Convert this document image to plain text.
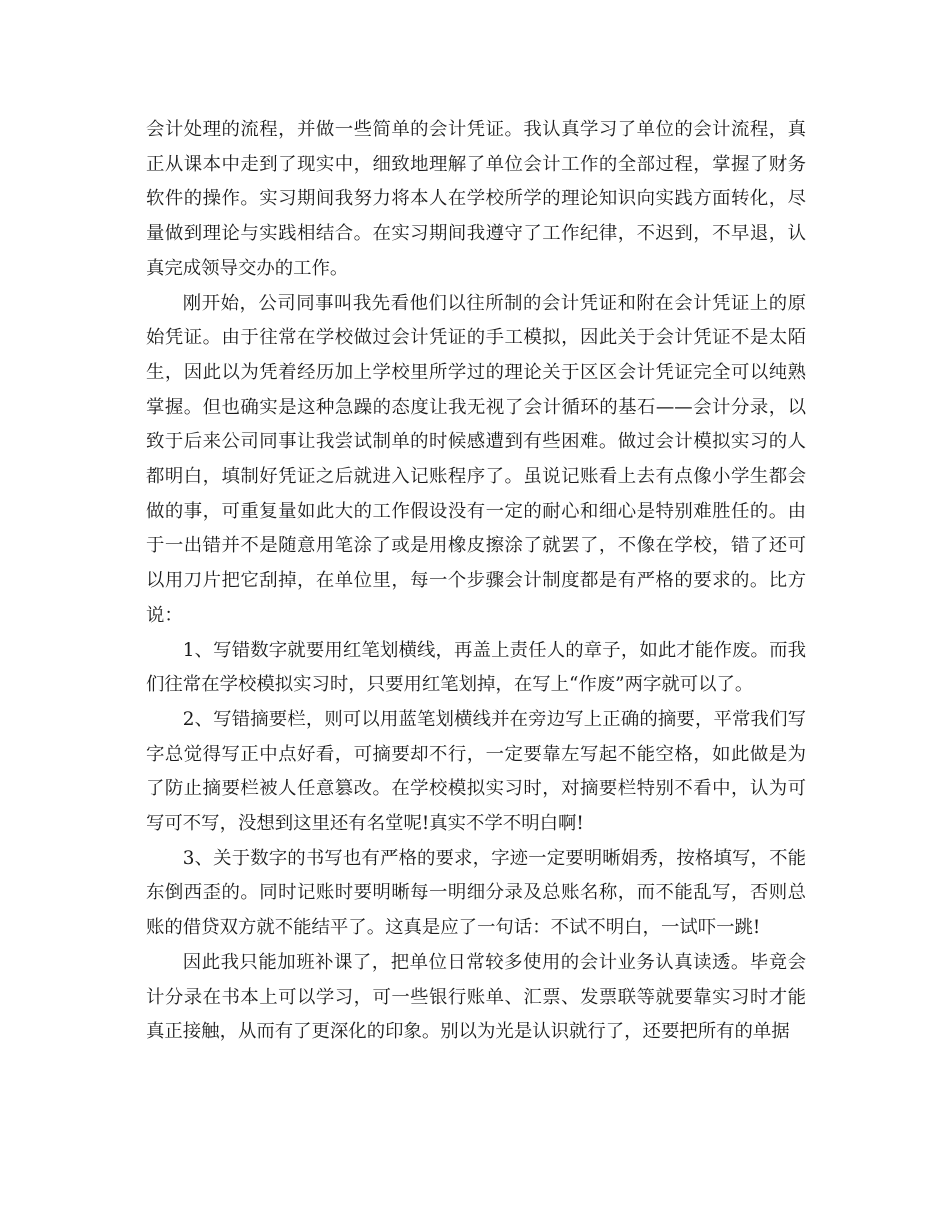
会计处理的流程，并做一些简单的会计凭证。我认真学习了单位的会计流程，真正从课本中走到了现实中，细致地理解了单位会计工作的全部过程，掌握了财务软件的操作。实习期间我努力将本人在学校所学的理论知识向实践方面转化，尽量做到理论与实践相结合。在实习期间我遵守了工作纪律，不迟到，不早退，认真完成领导交办的工作。

刚开始，公司同事叫我先看他们以往所制的会计凭证和附在会计凭证上的原始凭证。由于往常在学校做过会计凭证的手工模拟，因此关于会计凭证不是太陌生，因此以为凭着经历加上学校里所学过的理论关于区区会计凭证完全可以纯熟掌握。但也确实是这种急躁的态度让我无视了会计循环的基石——会计分录，以致于后来公司同事让我尝试制单的时候感遭到有些困难。做过会计模拟实习的人都明白，填制好凭证之后就进入记账程序了。虽说记账看上去有点像小学生都会做的事，可重复量如此大的工作假设没有一定的耐心和细心是特别难胜任的。由于一出错并不是随意用笔涂了或是用橡皮擦涂了就罢了，不像在学校，错了还可以用刀片把它刮掉，在单位里，每一个步骤会计制度都是有严格的要求的。比方说：

1、写错数字就要用红笔划横线，再盖上责任人的章子，如此才能作废。而我们往常在学校模拟实习时，只要用红笔划掉，在写上“作废”两字就可以了。

2、写错摘要栏，则可以用蓝笔划横线并在旁边写上正确的摘要，平常我们写字总觉得写正中点好看，可摘要却不行，一定要靠左写起不能空格，如此做是为了防止摘要栏被人任意篡改。在学校模拟实习时，对摘要栏特别不看中，认为可写可不写，没想到这里还有名堂呢!真实不学不明白啊!

3、关于数字的书写也有严格的要求，字迹一定要明晰娟秀，按格填写，不能东倒西歪的。同时记账时要明晰每一明细分录及总账名称，而不能乱写，否则总账的借贷双方就不能结平了。这真是应了一句话：不试不明白，一试吓一跳!

因此我只能加班补课了，把单位日常较多使用的会计业务认真读透。毕竟会计分录在书本上可以学习，可一些银行账单、汇票、发票联等就要靠实习时才能真正接触，从而有了更深化的印象。别以为光是认识就行了，还要把所有的单据
